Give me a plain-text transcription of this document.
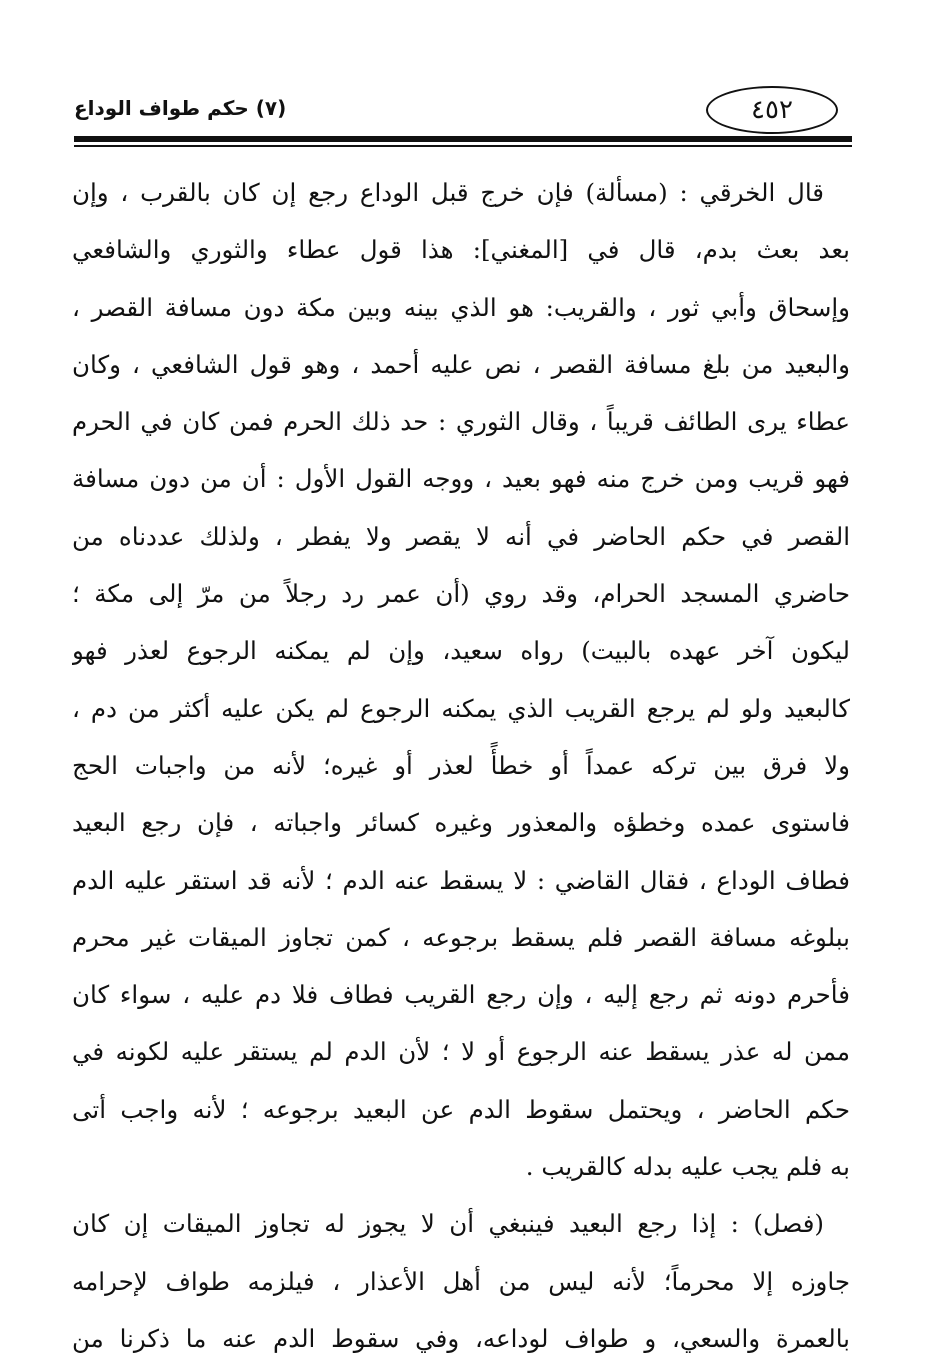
(٧) حكم طواف الوداع	٤٥٢
قال الخرقي : (مسألة) فإن خرج قبل الوداع رجع إن كان بالقرب ، وإن
بعد بعث بدم، قال في [المغني]: هذا قول عطاء والثوري والشافعي
وإسحاق وأبي ثور ، والقريب: هو الذي بينه وبين مكة دون مسافة القصر ،
والبعيد من بلغ مسافة القصر ، نص عليه أحمد ، وهو قول الشافعي ، وكان
عطاء يرى الطائف قريباً ، وقال الثوري : حد ذلك الحرم فمن كان في الحرم
فهو قريب ومن خرج منه فهو بعيد ، ووجه القول الأول : أن من دون مسافة
القصر في حكم الحاضر في أنه لا يقصر ولا يفطر ، ولذلك عددناه من
حاضري المسجد الحرام، وقد روي (أن عمر رد رجلاً من مرّ إلى مكة ؛
ليكون آخر عهده بالبيت) رواه سعيد، وإن لم يمكنه الرجوع لعذر فهو
كالبعيد ولو لم يرجع القريب الذي يمكنه الرجوع لم يكن عليه أكثر من دم ،
ولا فرق بين تركه عمداً أو خطأً لعذر أو غيره؛ لأنه من واجبات الحج
فاستوى عمده وخطؤه والمعذور وغيره كسائر واجباته ، فإن رجع البعيد
فطاف الوداع ، فقال القاضي : لا يسقط عنه الدم ؛ لأنه قد استقر عليه الدم
ببلوغه مسافة القصر فلم يسقط برجوعه ، كمن تجاوز الميقات غير محرم
فأحرم دونه ثم رجع إليه ، وإن رجع القريب فطاف فلا دم عليه ، سواء كان
ممن له عذر يسقط عنه الرجوع أو لا ؛ لأن الدم لم يستقر عليه لكونه في
حكم الحاضر ، ويحتمل سقوط الدم عن البعيد برجوعه ؛ لأنه واجب أتى
به فلم يجب عليه بدله كالقريب .
(فصل) : إذا رجع البعيد فينبغي أن لا يجوز له تجاوز الميقات إن كان
جاوزه إلا محرماً؛ لأنه ليس من أهل الأعذار ، فيلزمه طواف لإحرامه
بالعمرة والسعي، و طواف لوداعه، وفي سقوط الدم عنه ما ذكرنا من
